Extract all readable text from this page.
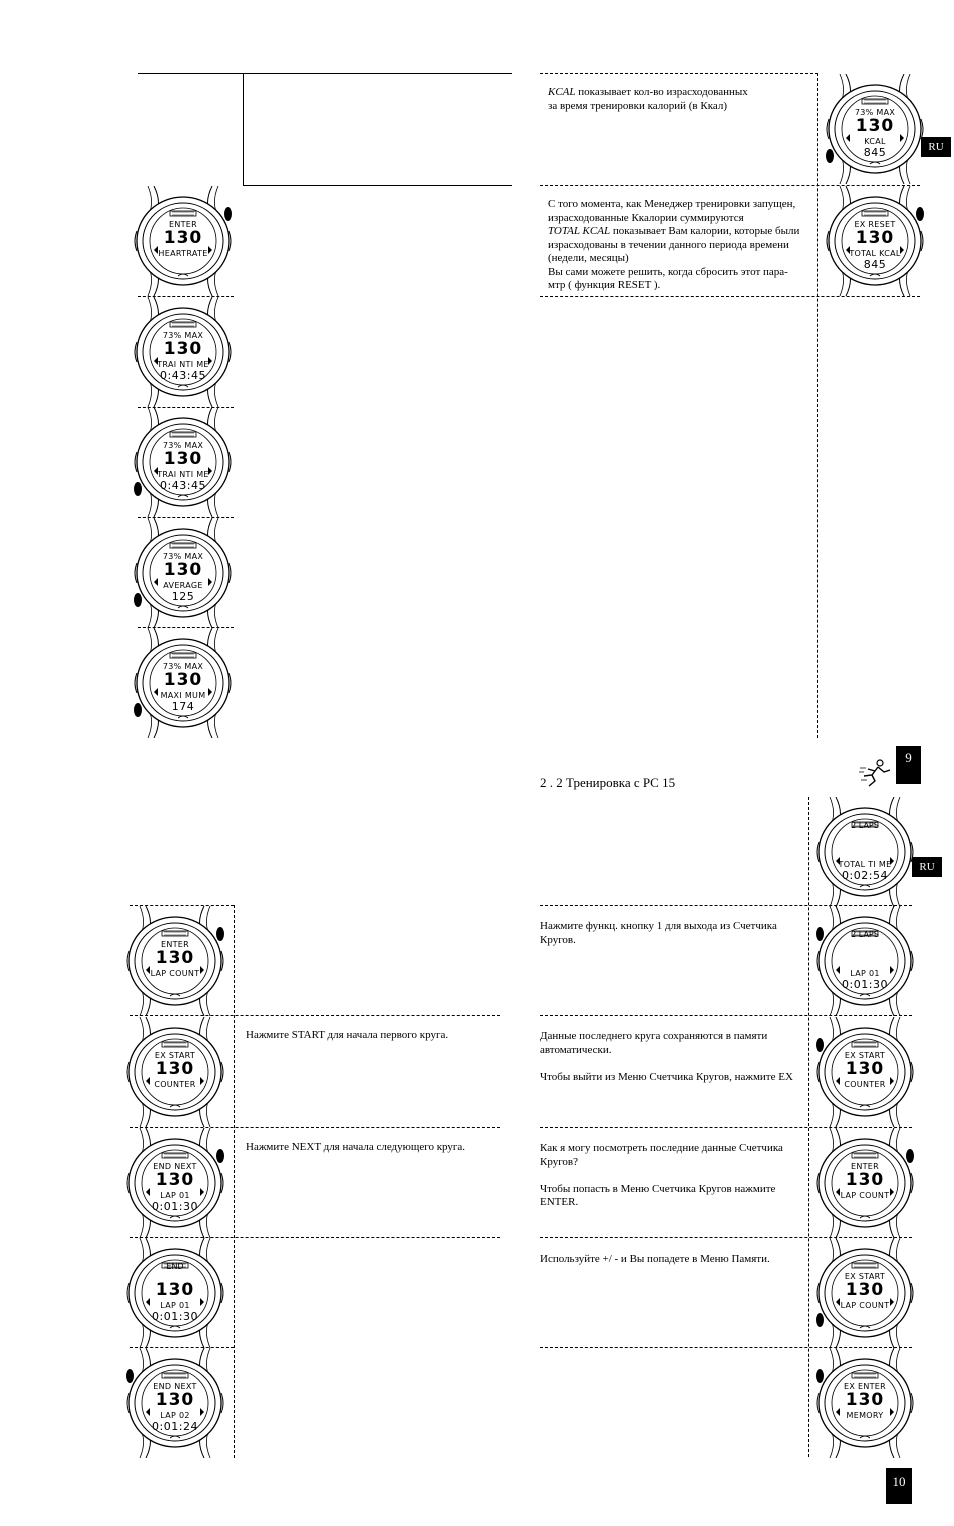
KCAL показывает кол-во израсходованных
за время тренировки калорий (в Ккал)
С того момента, как Менеджер тренировки запущен,
израсходованные Ккалории суммируются
TOTAL KCAL показывает Вам калории, которые были
израсходованы в течении данного периода времени
(недели, месяцы)
Вы сами можете решить, когда сбросить этот пара-
мтр ( функция RESET ).
RU
9
2 . 2 Тренировка с PC 15
Нажмите START для начала первого круга.
Нажмите NEXT для начала следующего круга.
Нажмите функц. кнопку 1 для выхода из Счетчика
Кругов.
Данные последнего круга сохраняются в памяти
автоматически.

Чтобы выйти из Меню Счетчика Кругов, нажмите EX
Как я могу посмотреть последние данные Счетчика
Кругов?

Чтобы попасть в Меню Счетчика Кругов нажмите
ENTER.
Используйте +/ - и Вы попадете в Меню Памяти.
RU
10
73% MAX
130
KCAL
845
EX RESET
130
TOTAL KCAL
845
ENTER
130
HEARTRATE
73% MAX
130
TRAI NTI ME
0:43:45
73% MAX
130
TRAI NTI ME
0:43:45
73% MAX
130
AVERAGE
125
73% MAX
130
MAXI MUM
174
ENTER
130
LAP COUNT
EX START
130
COUNTER
END NEXT
130
LAP 01
0:01:30
END
130
LAP 01
0:01:30
END NEXT
130
LAP 02
0:01:24
2 LAPS
TOTAL TI ME
0:02:54
2 LAPS
LAP 01
0:01:30
EX START
130
COUNTER
ENTER
130
LAP COUNT
EX START
130
LAP COUNT
EX ENTER
130
MEMORY
